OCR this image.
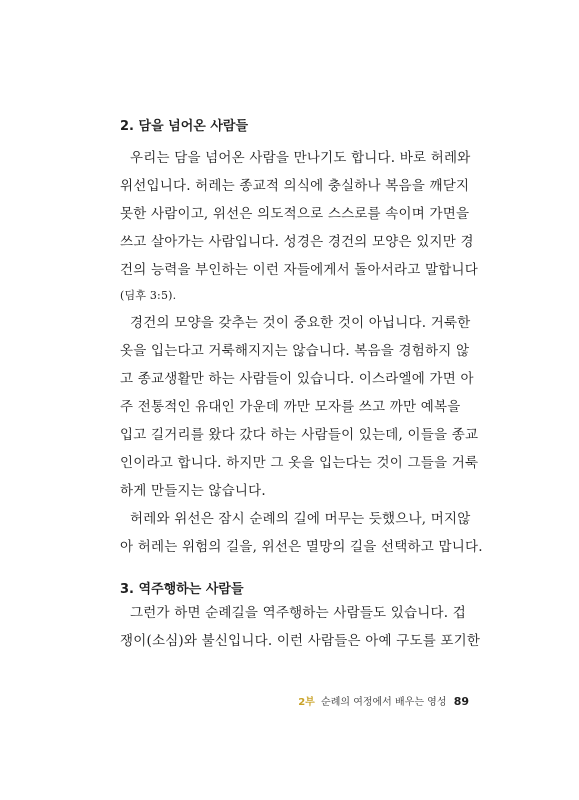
2. 담을 넘어온 사람들
우리는 담을 넘어온 사람을 만나기도 합니다. 바로 허레와
위선입니다. 허레는 종교적 의식에 충실하나 복음을 깨닫지
못한 사람이고, 위선은 의도적으로 스스로를 속이며 가면을
쓰고 살아가는 사람입니다. 성경은 경건의 모양은 있지만 경
건의 능력을 부인하는 이런 자들에게서 돌아서라고 말합니다
(딤후 3:5).
경건의 모양을 갖추는 것이 중요한 것이 아닙니다. 거룩한
옷을 입는다고 거룩해지지는 않습니다. 복음을 경험하지 않
고 종교생활만 하는 사람들이 있습니다. 이스라엘에 가면 아
주 전통적인 유대인 가운데 까만 모자를 쓰고 까만 예복을
입고 길거리를 왔다 갔다 하는 사람들이 있는데, 이들을 종교
인이라고 합니다. 하지만 그 옷을 입는다는 것이 그들을 거룩
하게 만들지는 않습니다.
허레와 위선은 잠시 순례의 길에 머무는 듯했으나, 머지않
아 허레는 위험의 길을, 위선은 멸망의 길을 선택하고 맙니다.
3. 역주행하는 사람들
그런가 하면 순례길을 역주행하는 사람들도 있습니다. 겁
쟁이(소심)와 불신입니다. 이런 사람들은 아예 구도를 포기한
2부 순례의 여정에서 배우는 영성 89
